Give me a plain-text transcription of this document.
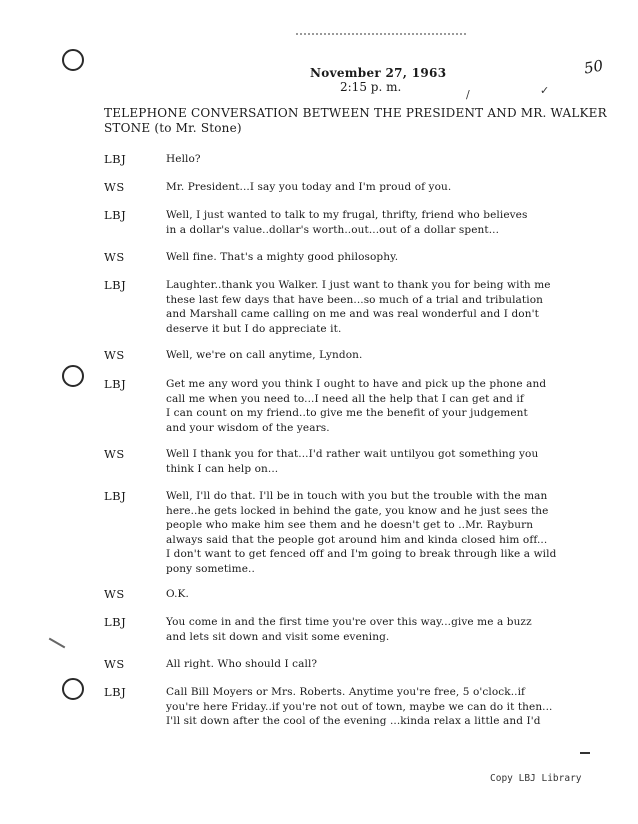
/	✓
November 27, 1963
2:15 p. m.
50
TELEPHONE CONVERSATION BETWEEN THE PRESIDENT AND MR. WALKER STONE (to Mr. Stone)
LBJ	Hello?
WS	Mr. President...I say you today and I'm proud of you.
LBJ	Well, I just wanted to talk to my frugal, thrifty, friend who believes
in a dollar's value..dollar's worth..out...out of a dollar spent...
WS	Well fine. That's a mighty good philosophy.
LBJ	Laughter..thank you Walker. I just want to thank you for being with me
these last few days that have been...so much of a trial and tribulation
and Marshall came calling on me and was real wonderful and I don't
deserve it but I do appreciate it.
WS	Well, we're on call anytime, Lyndon.
LBJ	Get me any word you think I ought to have and pick up the phone and
call me when you need to...I need all the help that I can get and if
I can count on my friend..to give me the benefit of your judgement
and your wisdom of the years.
WS	Well I thank you for that...I'd rather wait untilyou got something you
think I can help on...
LBJ	Well, I'll do that. I'll be in touch with you but the trouble with the man
here..he gets locked in behind the gate, you know and he just sees the
people who make him see them and he doesn't get to ..Mr. Rayburn
always said that the people got around him and kinda closed him off...
I don't want to get fenced off and I'm going to break through like a wild
pony sometime..
WS	O.K.
LBJ	You come in and the first time you're over this way...give me a buzz
and lets sit down and visit some evening.
WS	All right. Who should I call?
LBJ	Call Bill Moyers or Mrs. Roberts. Anytime you're free, 5 o'clock..if
you're here Friday..if you're not out of town, maybe we can do it then...
I'll sit down after the cool of the evening ...kinda relax a little and I'd
Copy LBJ Library
